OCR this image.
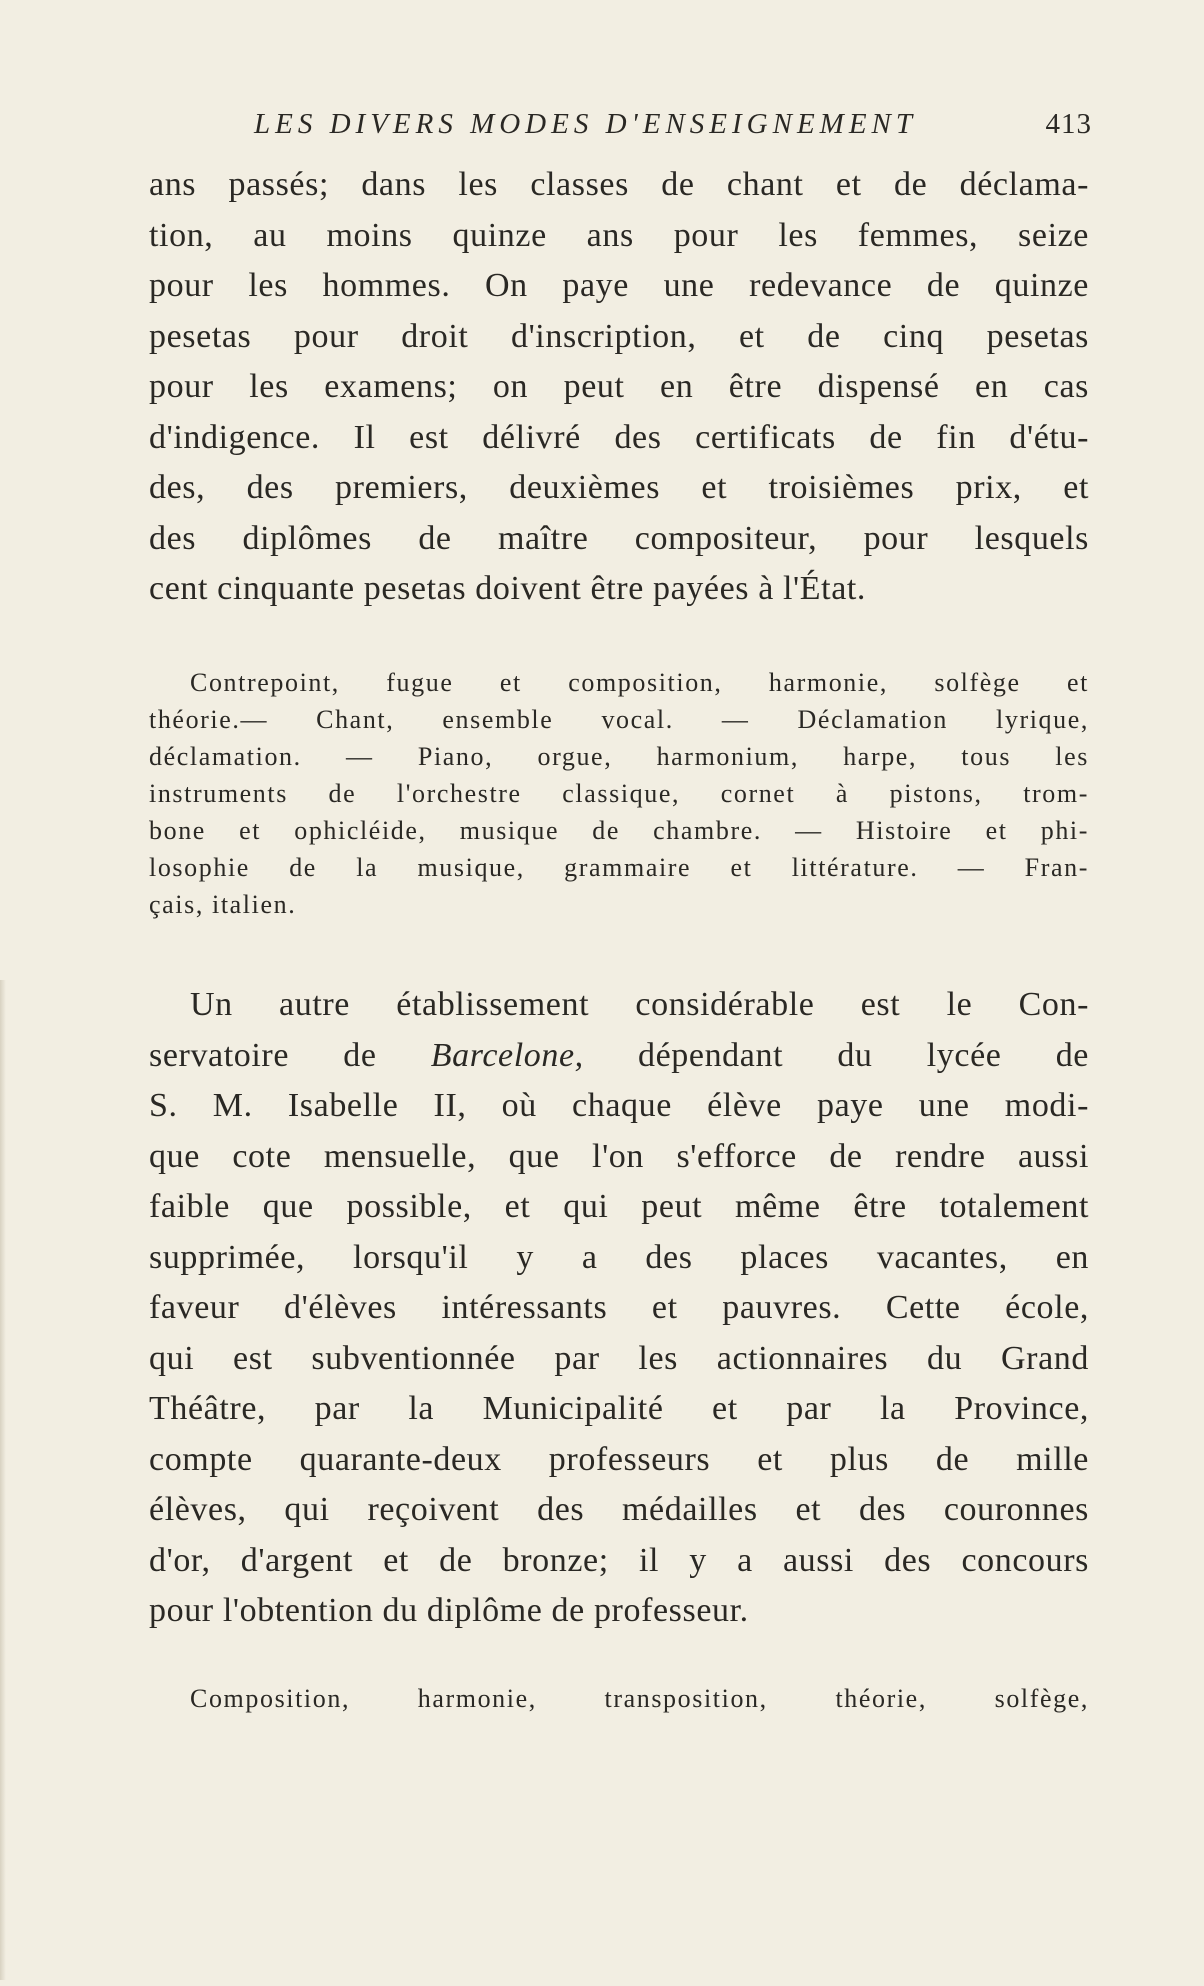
LES DIVERS MODES D'ENSEIGNEMENT	413
ans passés; dans les classes de chant et de déclama-
tion, au moins quinze ans pour les femmes, seize
pour les hommes. On paye une redevance de quinze
pesetas pour droit d'inscription, et de cinq pesetas
pour les examens; on peut en être dispensé en cas
d'indigence. Il est délivré des certificats de fin d'étu-
des, des premiers, deuxièmes et troisièmes prix, et
des diplômes de maître compositeur, pour lesquels
cent cinquante pesetas doivent être payées à l'État.
Contrepoint, fugue et composition, harmonie, solfège et
théorie.— Chant, ensemble vocal. — Déclamation lyrique,
déclamation. — Piano, orgue, harmonium, harpe, tous les
instruments de l'orchestre classique, cornet à pistons, trom-
bone et ophicléide, musique de chambre. — Histoire et phi-
losophie de la musique, grammaire et littérature. — Fran-
çais, italien.
Un autre établissement considérable est le Con-
servatoire de Barcelone, dépendant du lycée de
S. M. Isabelle II, où chaque élève paye une modi-
que cote mensuelle, que l'on s'efforce de rendre aussi
faible que possible, et qui peut même être totalement
supprimée, lorsqu'il y a des places vacantes, en
faveur d'élèves intéressants et pauvres. Cette école,
qui est subventionnée par les actionnaires du Grand
Théâtre, par la Municipalité et par la Province,
compte quarante-deux professeurs et plus de mille
élèves, qui reçoivent des médailles et des couronnes
d'or, d'argent et de bronze; il y a aussi des concours
pour l'obtention du diplôme de professeur.
Composition, harmonie, transposition, théorie, solfège,
